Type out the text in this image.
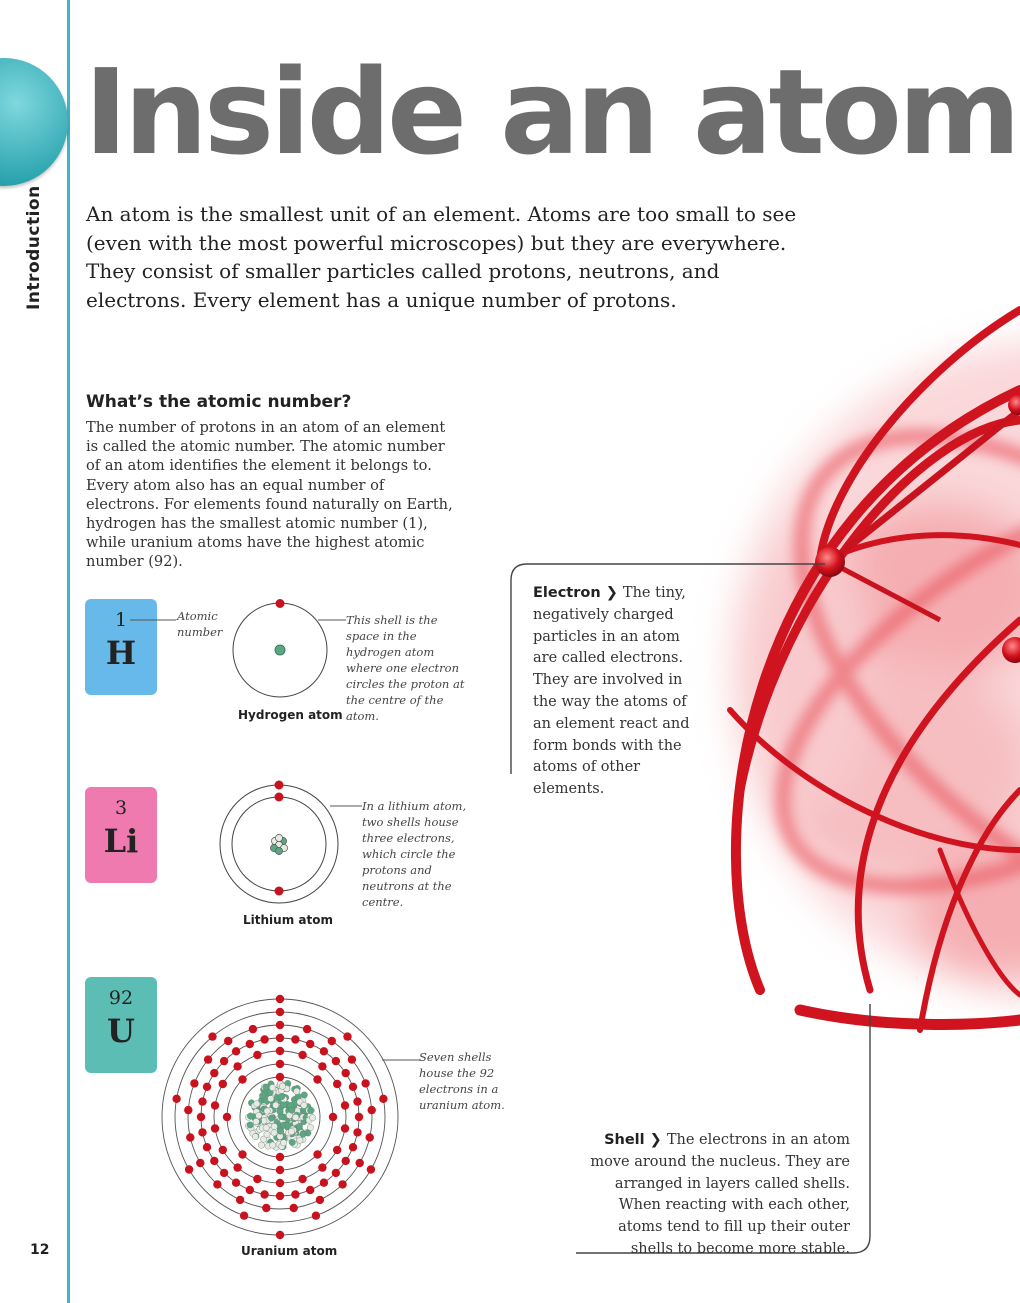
Introduction
Inside an atom
An atom is the smallest unit of an element. Atoms are too small to see (even with the most powerful microscopes) but they are everywhere. They consist of smaller particles called protons, neutrons, and electrons. Every element has a unique number of protons.
What’s the atomic number?
The number of protons in an atom of an element is called the atomic number. The atomic number of an atom identifies the element it belongs to. Every atom also has an equal number of electrons. For elements found naturally on Earth, hydrogen has the smallest atomic number (1), while uranium atoms have the highest atomic number (92).
1
H
Atomic number
This shell is the space in the hydrogen atom where one electron circles the proton at the centre of the atom.
Hydrogen atom
3
Li
In a lithium atom, two shells house three electrons, which circle the protons and neutrons at the centre.
Lithium atom
92
U
Seven shells house the 92 electrons in a uranium atom.
Uranium atom
Electron ❯ The tiny, negatively charged particles in an atom are called electrons. They are involved in the way the atoms of an element react and form bonds with the atoms of other elements.
Shell ❯ The electrons in an atom move around the nucleus. They are arranged in layers called shells. When reacting with each other, atoms tend to fill up their outer shells to become more stable.
12
